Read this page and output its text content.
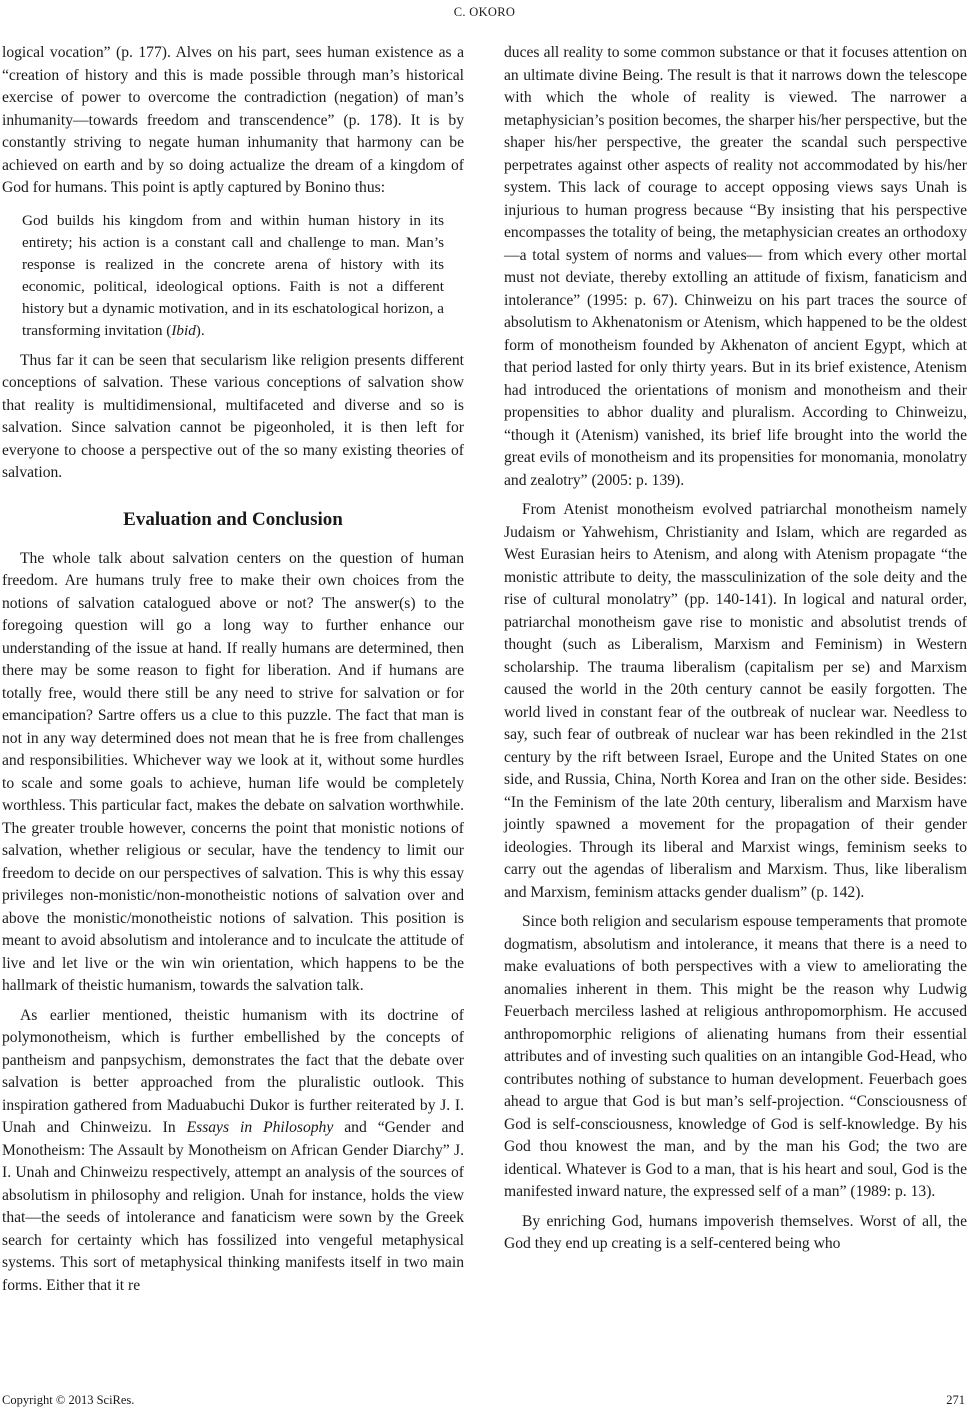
C. OKORO

logical vocation” (p. 177). Alves on his part, sees human existence as a “creation of history and this is made possible through man’s historical exercise of power to overcome the contradiction (negation) of man’s inhumanity—towards freedom and transcendence” (p. 178). It is by constantly striving to negate human inhumanity that harmony can be achieved on earth and by so doing actualize the dream of a kingdom of God for humans. This point is aptly captured by Bonino thus:

God builds his kingdom from and within human history in its entirety; his action is a constant call and challenge to man. Man’s response is realized in the concrete arena of history with its economic, political, ideological options. Faith is not a different history but a dynamic motivation, and in its eschatological horizon, a transforming invitation (Ibid).

Thus far it can be seen that secularism like religion presents different conceptions of salvation. These various conceptions of salvation show that reality is multidimensional, multifaceted and diverse and so is salvation. Since salvation cannot be pigeonholed, it is then left for everyone to choose a perspective out of the so many existing theories of salvation.

Evaluation and Conclusion

The whole talk about salvation centers on the question of human freedom. Are humans truly free to make their own choices from the notions of salvation catalogued above or not? The answer(s) to the foregoing question will go a long way to further enhance our understanding of the issue at hand. If really humans are determined, then there may be some reason to fight for liberation. And if humans are totally free, would there still be any need to strive for salvation or for emancipation? Sartre offers us a clue to this puzzle. The fact that man is not in any way determined does not mean that he is free from challenges and responsibilities. Whichever way we look at it, without some hurdles to scale and some goals to achieve, human life would be completely worthless. This particular fact, makes the debate on salvation worthwhile. The greater trouble however, concerns the point that monistic notions of salvation, whether religious or secular, have the tendency to limit our freedom to decide on our perspectives of salvation. This is why this essay privileges non-monistic/non-monotheistic notions of salvation over and above the monistic/monotheistic notions of salvation. This position is meant to avoid absolutism and intolerance and to inculcate the attitude of live and let live or the win win orientation, which happens to be the hallmark of theistic humanism, towards the salvation talk.

As earlier mentioned, theistic humanism with its doctrine of polymonotheism, which is further embellished by the concepts of pantheism and panpsychism, demonstrates the fact that the debate over salvation is better approached from the pluralistic outlook. This inspiration gathered from Maduabuchi Dukor is further reiterated by J. I. Unah and Chinweizu. In Essays in Philosophy and “Gender and Monotheism: The Assault by Monotheism on African Gender Diarchy” J. I. Unah and Chinweizu respectively, attempt an analysis of the sources of absolutism in philosophy and religion. Unah for instance, holds the view that—the seeds of intolerance and fanaticism were sown by the Greek search for certainty which has fossilized into vengeful metaphysical systems. This sort of metaphysical thinking manifests itself in two main forms. Either that it re

duces all reality to some common substance or that it focuses attention on an ultimate divine Being. The result is that it narrows down the telescope with which the whole of reality is viewed. The narrower a metaphysician’s position becomes, the sharper his/her perspective, but the shaper his/her perspective, the greater the scandal such perspective perpetrates against other aspects of reality not accommodated by his/her system. This lack of courage to accept opposing views says Unah is injurious to human progress because “By insisting that his perspective encompasses the totality of being, the metaphysician creates an orthodoxy—a total system of norms and values— from which every other mortal must not deviate, thereby extolling an attitude of fixism, fanaticism and intolerance” (1995: p. 67). Chinweizu on his part traces the source of absolutism to Akhenatonism or Atenism, which happened to be the oldest form of monotheism founded by Akhenaton of ancient Egypt, which at that period lasted for only thirty years. But in its brief existence, Atenism had introduced the orientations of monism and monotheism and their propensities to abhor duality and pluralism. According to Chinweizu, “though it (Atenism) vanished, its brief life brought into the world the great evils of monotheism and its propensities for monomania, monolatry and zealotry” (2005: p. 139).

From Atenist monotheism evolved patriarchal monotheism namely Judaism or Yahwehism, Christianity and Islam, which are regarded as West Eurasian heirs to Atenism, and along with Atenism propagate “the monistic attribute to deity, the massculinization of the sole deity and the rise of cultural monolatry” (pp. 140-141). In logical and natural order, patriarchal monotheism gave rise to monistic and absolutist trends of thought (such as Liberalism, Marxism and Feminism) in Western scholarship. The trauma liberalism (capitalism per se) and Marxism caused the world in the 20th century cannot be easily forgotten. The world lived in constant fear of the outbreak of nuclear war. Needless to say, such fear of outbreak of nuclear war has been rekindled in the 21st century by the rift between Israel, Europe and the United States on one side, and Russia, China, North Korea and Iran on the other side. Besides: “In the Feminism of the late 20th century, liberalism and Marxism have jointly spawned a movement for the propagation of their gender ideologies. Through its liberal and Marxist wings, feminism seeks to carry out the agendas of liberalism and Marxism. Thus, like liberalism and Marxism, feminism attacks gender dualism” (p. 142).

Since both religion and secularism espouse temperaments that promote dogmatism, absolutism and intolerance, it means that there is a need to make evaluations of both perspectives with a view to ameliorating the anomalies inherent in them. This might be the reason why Ludwig Feuerbach merciless lashed at religious anthropomorphism. He accused anthropomorphic religions of alienating humans from their essential attributes and of investing such qualities on an intangible God-Head, who contributes nothing of substance to human development. Feuerbach goes ahead to argue that God is but man’s self-projection. “Consciousness of God is self-consciousness, knowledge of God is self-knowledge. By his God thou knowest the man, and by the man his God; the two are identical. Whatever is God to a man, that is his heart and soul, God is the manifested inward nature, the expressed self of a man” (1989: p. 13).

By enriching God, humans impoverish themselves. Worst of all, the God they end up creating is a self-centered being who

Copyright © 2013 SciRes.	271
